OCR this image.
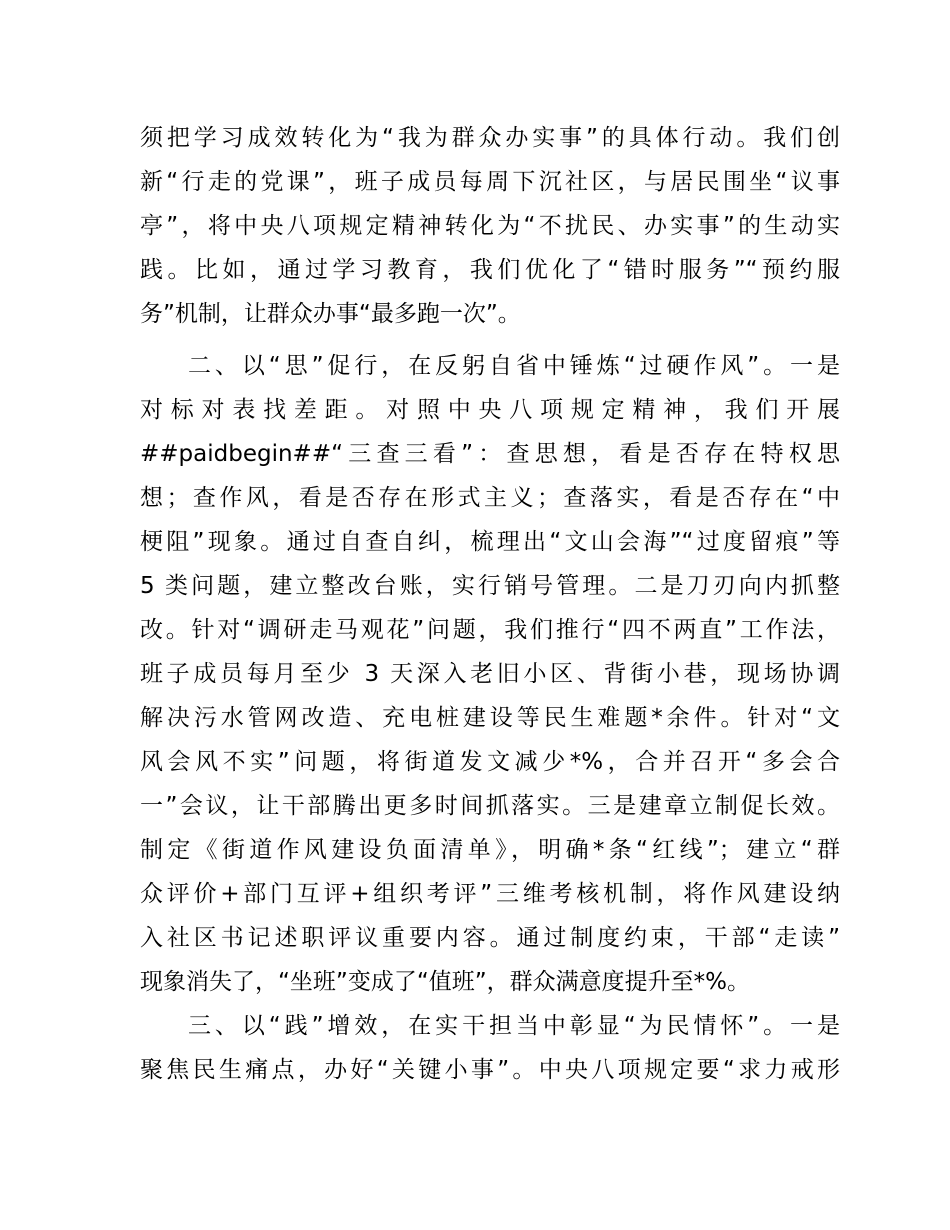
须把学习成效转化为“我为群众办实事”的具体行动。我们创
新“行走的党课”，班子成员每周下沉社区，与居民围坐“议事
亭”，将中央八项规定精神转化为“不扰民、办实事”的生动实
践。比如，通过学习教育，我们优化了“错时服务”“预约服
务”机制，让群众办事“最多跑一次”。
二、以“思”促行，在反躬自省中锤炼“过硬作风”。一是
对标对表找差距。对照中央八项规定精神，我们开展
##paidbegin##“三查三看”：查思想，看是否存在特权思
想；查作风，看是否存在形式主义；查落实，看是否存在“中
梗阻”现象。通过自查自纠，梳理出“文山会海”“过度留痕”等
5 类问题，建立整改台账，实行销号管理。二是刀刃向内抓整
改。针对“调研走马观花”问题，我们推行“四不两直”工作法，
班子成员每月至少 3 天深入老旧小区、背街小巷，现场协调
解决污水管网改造、充电桩建设等民生难题*余件。针对“文
风会风不实”问题，将街道发文减少*%，合并召开“多会合
一”会议，让干部腾出更多时间抓落实。三是建章立制促长效。
制定《街道作风建设负面清单》，明确*条“红线”；建立“群
众评价+部门互评+组织考评”三维考核机制，将作风建设纳
入社区书记述职评议重要内容。通过制度约束，干部“走读”
现象消失了，“坐班”变成了“值班”，群众满意度提升至*%。
三、以“践”增效，在实干担当中彰显“为民情怀”。一是
聚焦民生痛点，办好“关键小事”。中央八项规定要“求力戒形
